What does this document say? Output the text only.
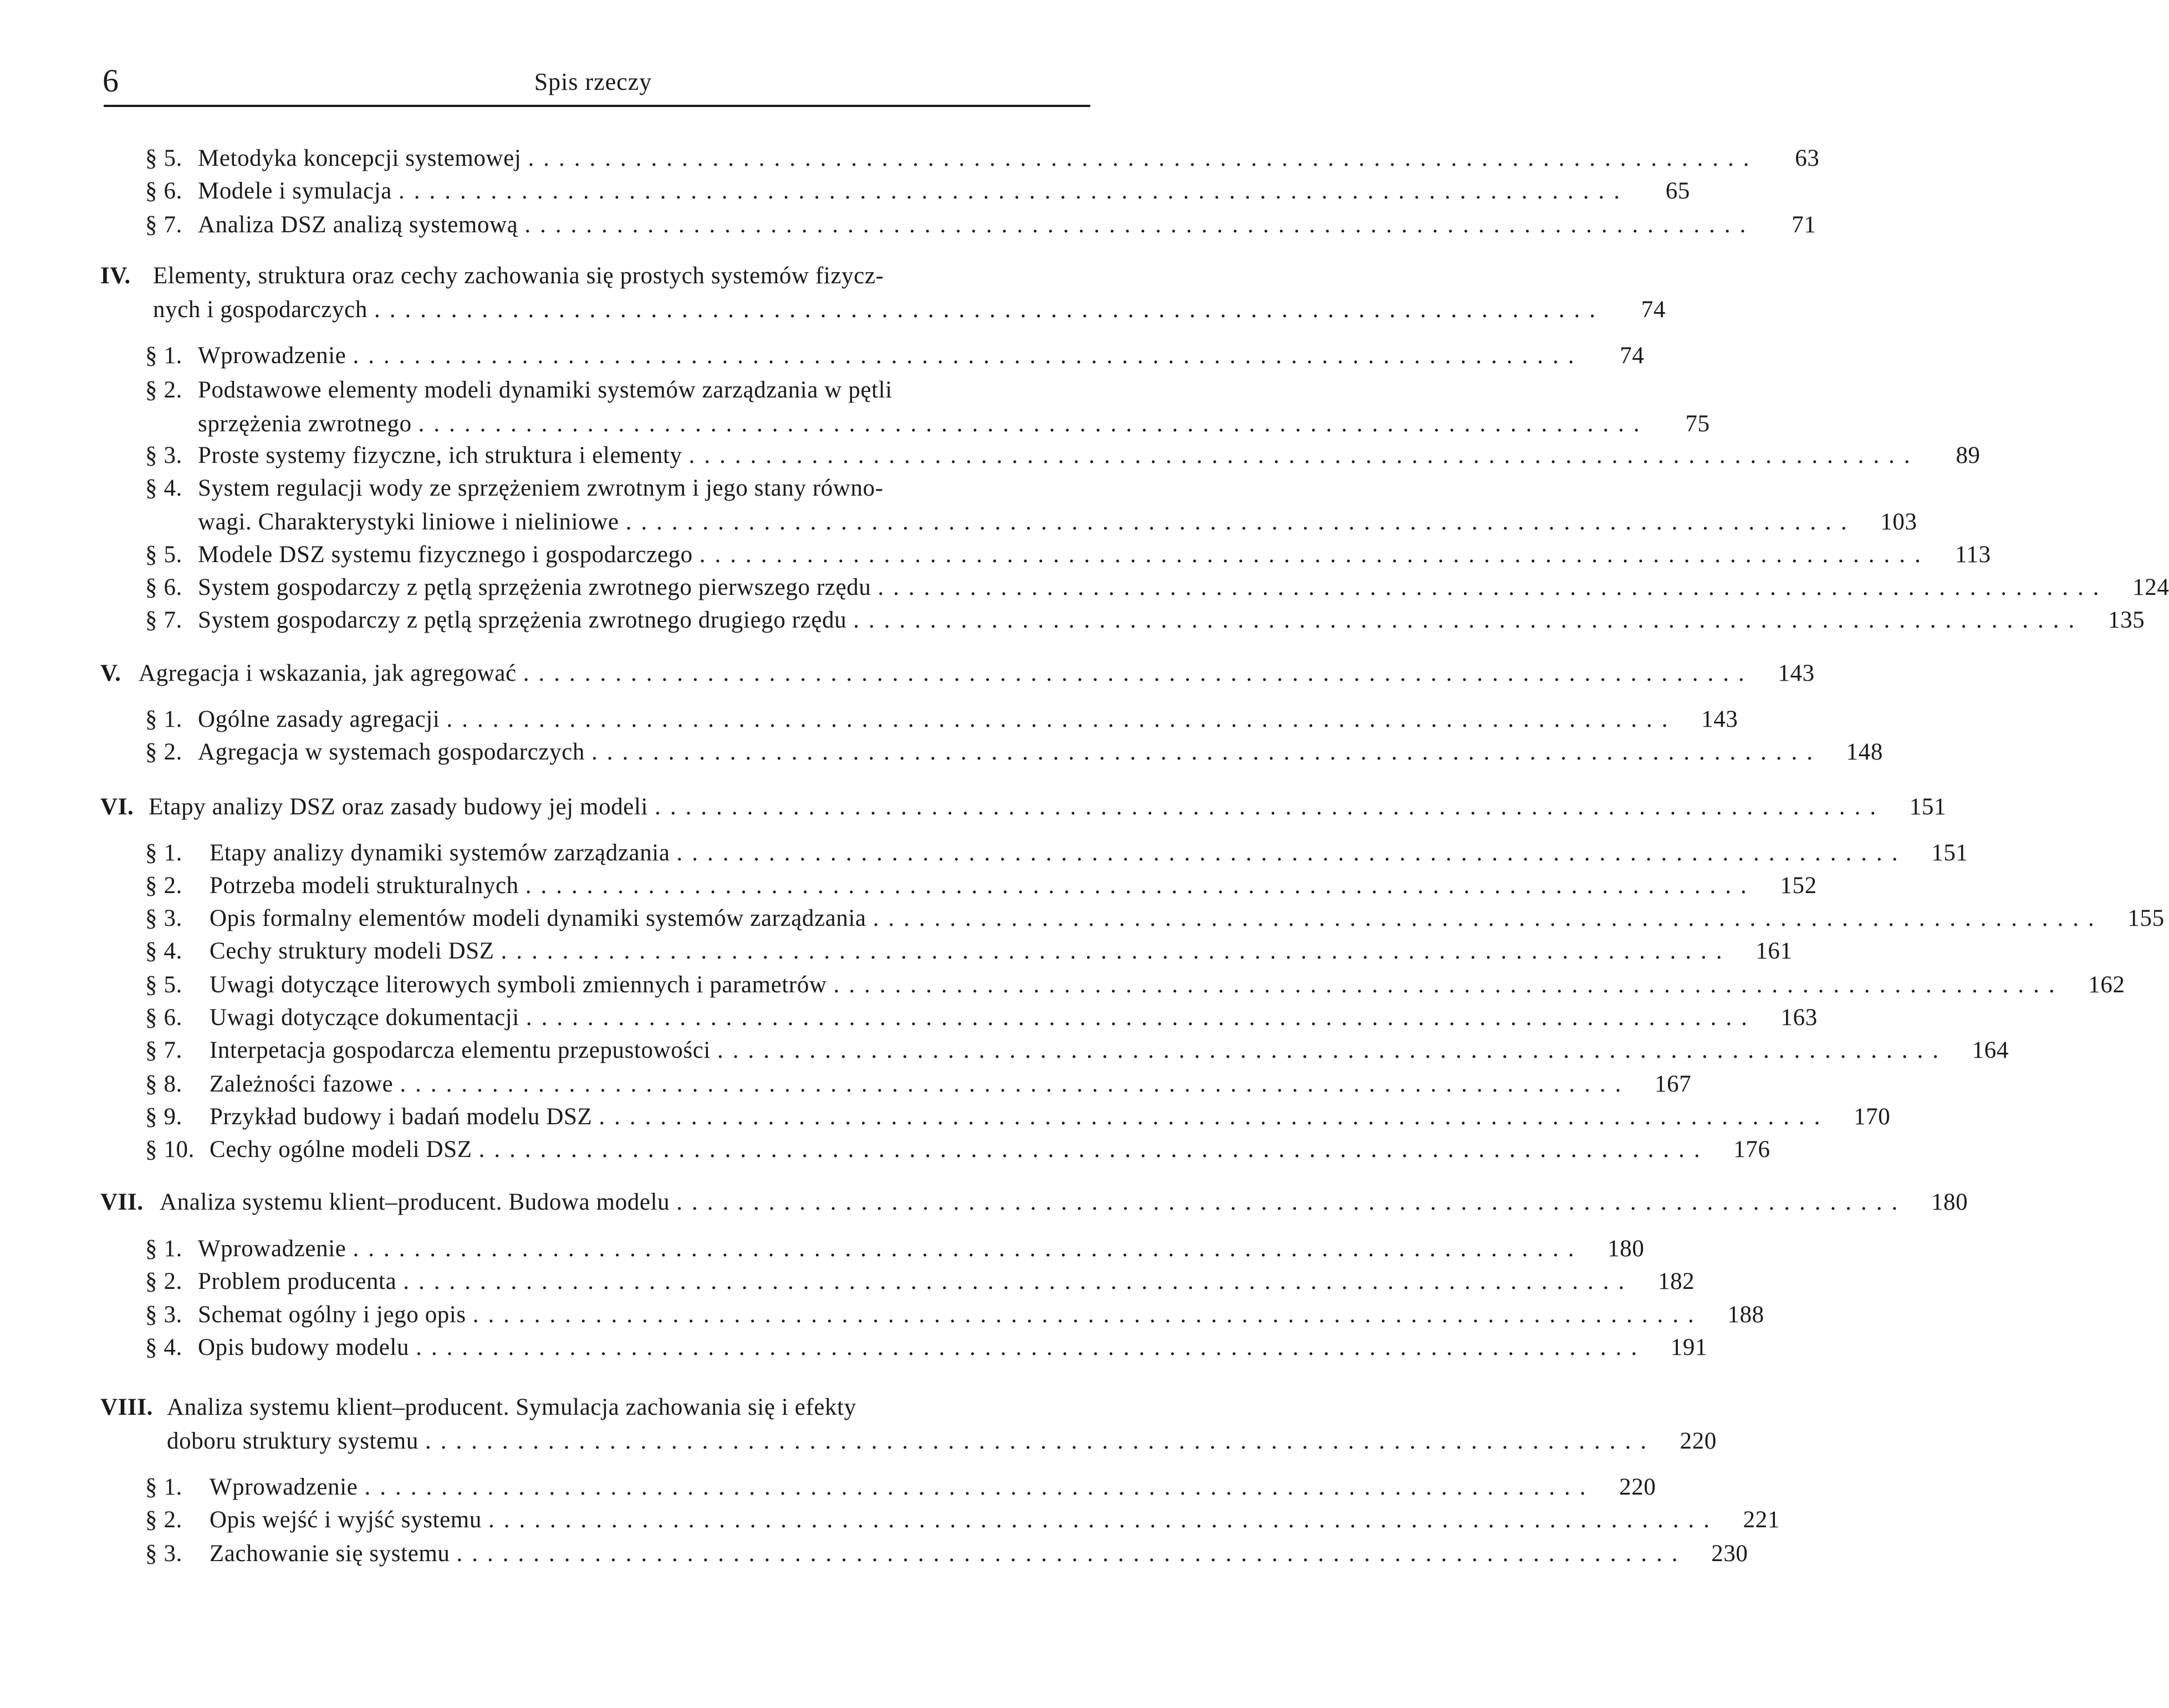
6	Spis rzeczy
§ 5. Metodyka koncepcji systemowej ................................................................................	63
§ 6. Modele i symulacja ................................................................................	65
§ 7. Analiza DSZ analizą systemową ................................................................................	71
IV. Elementy, struktura oraz cechy zachowania się prostych systemów fizycz-
nych i gospodarczych ................................................................................	74
§ 1. Wprowadzenie ................................................................................	74
§ 2. Podstawowe elementy modeli dynamiki systemów zarządzania w pętli
sprzężenia zwrotnego ................................................................................	75
§ 3. Proste systemy fizyczne, ich struktura i elementy ................................................................................	89
§ 4. System regulacji wody ze sprzężeniem zwrotnym i jego stany równo-
wagi. Charakterystyki liniowe i nieliniowe ................................................................................	103
§ 5. Modele DSZ systemu fizycznego i gospodarczego ................................................................................	113
§ 6. System gospodarczy z pętlą sprzężenia zwrotnego pierwszego rzędu ................................................................................	124
§ 7. System gospodarczy z pętlą sprzężenia zwrotnego drugiego rzędu ................................................................................	135
V. Agregacja i wskazania, jak agregować ................................................................................	143
§ 1. Ogólne zasady agregacji ................................................................................	143
§ 2. Agregacja w systemach gospodarczych ................................................................................	148
VI. Etapy analizy DSZ oraz zasady budowy jej modeli ................................................................................	151
§ 1. Etapy analizy dynamiki systemów zarządzania ................................................................................	151
§ 2. Potrzeba modeli strukturalnych ................................................................................	152
§ 3. Opis formalny elementów modeli dynamiki systemów zarządzania ................................................................................	155
§ 4. Cechy struktury modeli DSZ ................................................................................	161
§ 5. Uwagi dotyczące literowych symboli zmiennych i parametrów ................................................................................	162
§ 6. Uwagi dotyczące dokumentacji ................................................................................	163
§ 7. Interpetacja gospodarcza elementu przepustowości ................................................................................	164
§ 8. Zależności fazowe ................................................................................	167
§ 9. Przykład budowy i badań modelu DSZ ................................................................................	170
§ 10. Cechy ogólne modeli DSZ ................................................................................	176
VII. Analiza systemu klient–producent. Budowa modelu ................................................................................	180
§ 1. Wprowadzenie ................................................................................	180
§ 2. Problem producenta ................................................................................	182
§ 3. Schemat ogólny i jego opis ................................................................................	188
§ 4. Opis budowy modelu ................................................................................	191
VIII. Analiza systemu klient–producent. Symulacja zachowania się i efekty
doboru struktury systemu ................................................................................	220
§ 1. Wprowadzenie ................................................................................	220
§ 2. Opis wejść i wyjść systemu ................................................................................	221
§ 3. Zachowanie się systemu ................................................................................	230
